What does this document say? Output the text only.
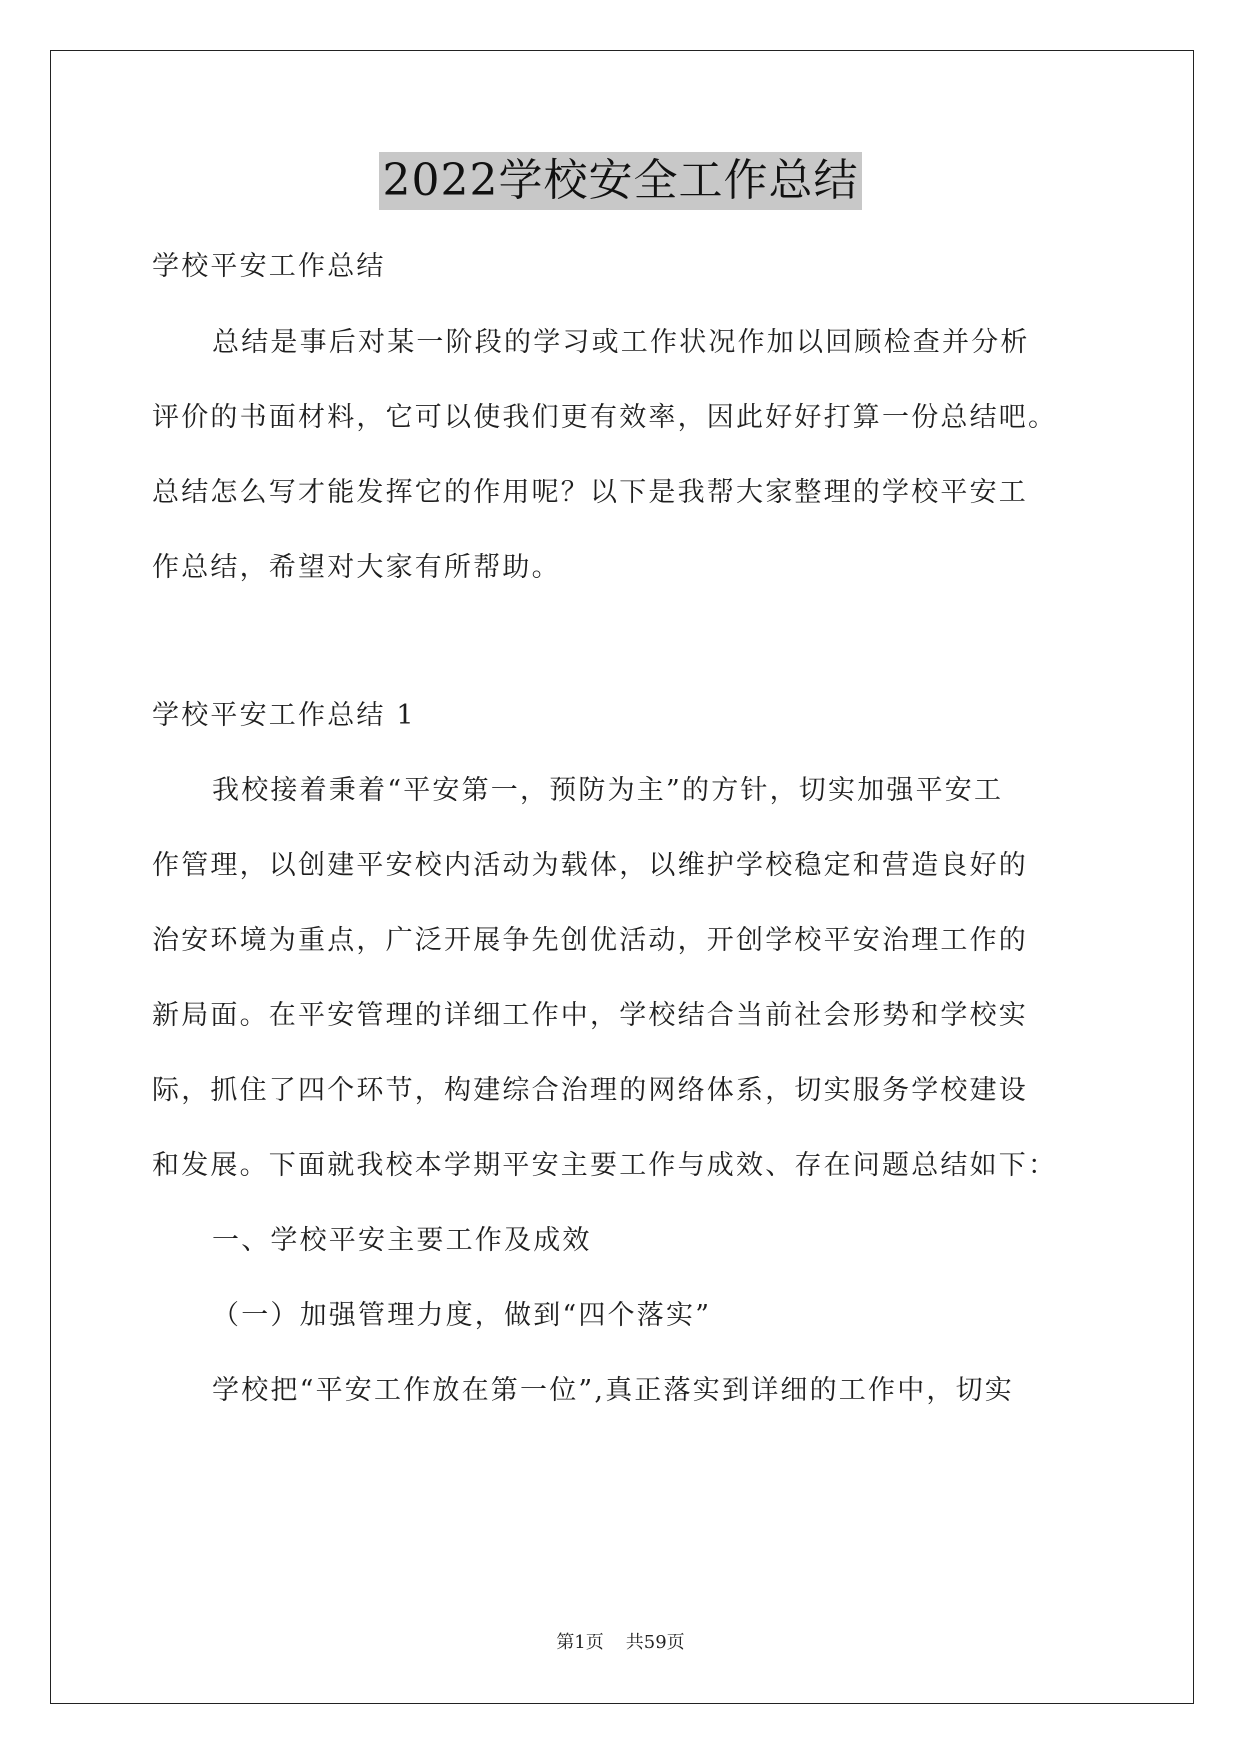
2022学校安全工作总结
学校平安工作总结
总结是事后对某一阶段的学习或工作状况作加以回顾检查并分析
评价的书面材料，它可以使我们更有效率，因此好好打算一份总结吧。
总结怎么写才能发挥它的作用呢？以下是我帮大家整理的学校平安工
作总结，希望对大家有所帮助。
学校平安工作总结 1
我校接着秉着“平安第一，预防为主”的方针，切实加强平安工
作管理，以创建平安校内活动为载体，以维护学校稳定和营造良好的
治安环境为重点，广泛开展争先创优活动，开创学校平安治理工作的
新局面。在平安管理的详细工作中，学校结合当前社会形势和学校实
际，抓住了四个环节，构建综合治理的网络体系，切实服务学校建设
和发展。下面就我校本学期平安主要工作与成效、存在问题总结如下：
一、学校平安主要工作及成效
（一）加强管理力度，做到“四个落实”
学校把“平安工作放在第一位”,真正落实到详细的工作中，切实
第1页 共59页
